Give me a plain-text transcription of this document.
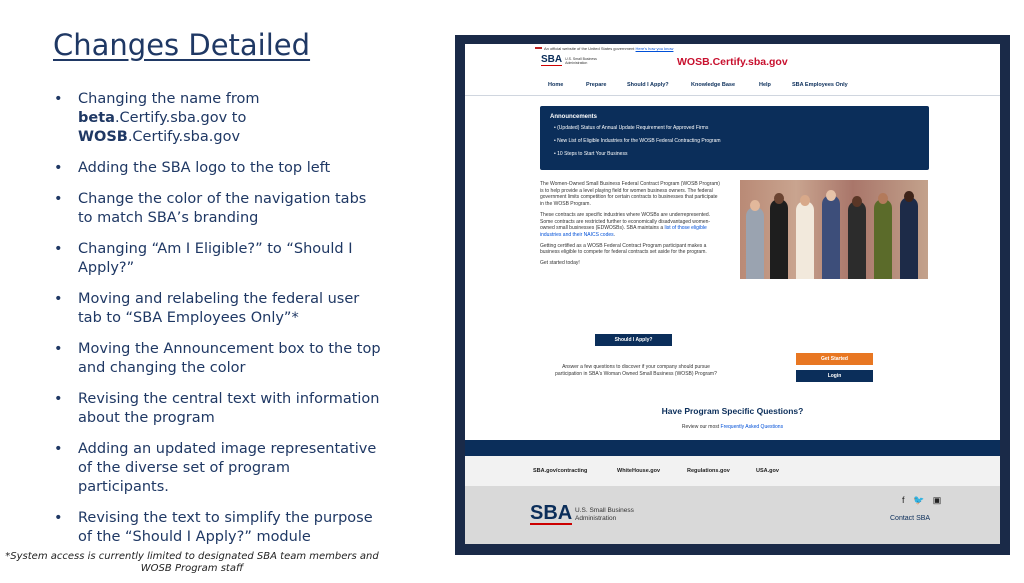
Changes Detailed
• Changing the name from beta.Certify.sba.gov to WOSB.Certify.sba.gov
• Adding the SBA logo to the top left
• Change the color of the navigation tabs to match SBA’s branding
• Changing “Am I Eligible?” to “Should I Apply?”
• Moving and relabeling the federal user tab to “SBA Employees Only”*
• Moving the Announcement box to the top and changing the color
• Revising the central text with information about the program
• Adding an updated image representative of the diverse set of program participants.
• Revising the text to simplify the purpose of the “Should I Apply?” module
*System access is currently limited to designated SBA team members and WOSB Program staff
An official website of the United States government Here's how you know
SBA U.S. Small Business
Administration	WOSB.Certify.sba.gov
Home	Prepare	Should I Apply?	Knowledge Base	Help	SBA Employees Only
Announcements
• (Updated) Status of Annual Update Requirement for Approved Firms
• New List of Eligible Industries for the WOSB Federal Contracting Program
• 10 Steps to Start Your Business

The Women-Owned Small Business Federal Contract Program (WOSB Program) is to help provide a level playing field for women business owners. The federal government limits competition for certain contracts to businesses that participate in the WOSB Program.

These contracts are specific industries where WOSBs are underrepresented. Some contracts are restricted further to economically disadvantaged women-owned small businesses (EDWOSBs). SBA maintains a list of those eligible industries and their NAICS codes.

Getting certified as a WOSB Federal Contract Program participant makes a business eligible to compete for federal contracts set aside for the program.

Get started today!

Should I Apply?
Answer a few questions to discover if your company should pursue participation in SBA's Woman Owned Small Business (WOSB) Program?
Get Started
Login
Have Program Specific Questions?
Review our most Frequently Asked Questions
SBA.gov/contracting	WhiteHouse.gov	Regulations.gov	USA.gov
SBA U.S. Small Business
Administration
f 🐦 ▣
Contact SBA
